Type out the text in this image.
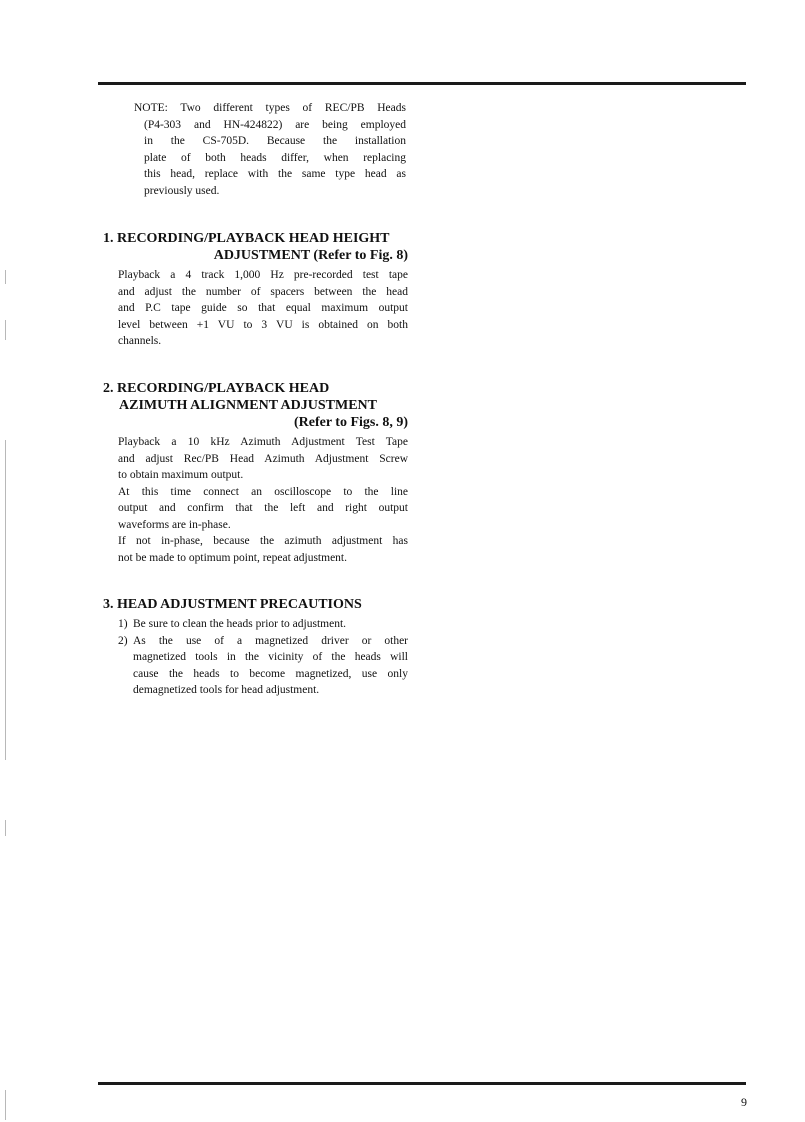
NOTE: Two different types of REC/PB Heads
(P4-303 and HN-424822) are being employed
in the CS-705D. Because the installation
plate of both heads differ, when replacing
this head, replace with the same type head as
previously used.
1. RECORDING/PLAYBACK HEAD HEIGHT
ADJUSTMENT (Refer to Fig. 8)
Playback a 4 track 1,000 Hz pre-recorded test tape
and adjust the number of spacers between the head
and P.C tape guide so that equal maximum output
level between +1 VU to 3 VU is obtained on both
channels.
2. RECORDING/PLAYBACK HEAD
AZIMUTH ALIGNMENT ADJUSTMENT
(Refer to Figs. 8, 9)
Playback a 10 kHz Azimuth Adjustment Test Tape
and adjust Rec/PB Head Azimuth Adjustment Screw
to obtain maximum output.
At this time connect an oscilloscope to the line
output and confirm that the left and right output
waveforms are in-phase.
If not in-phase, because the azimuth adjustment has
not be made to optimum point, repeat adjustment.
3. HEAD ADJUSTMENT PRECAUTIONS
1) Be sure to clean the heads prior to adjustment.
2) As the use of a magnetized driver or other
magnetized tools in the vicinity of the heads will
cause the heads to become magnetized, use only
demagnetized tools for head adjustment.
9
